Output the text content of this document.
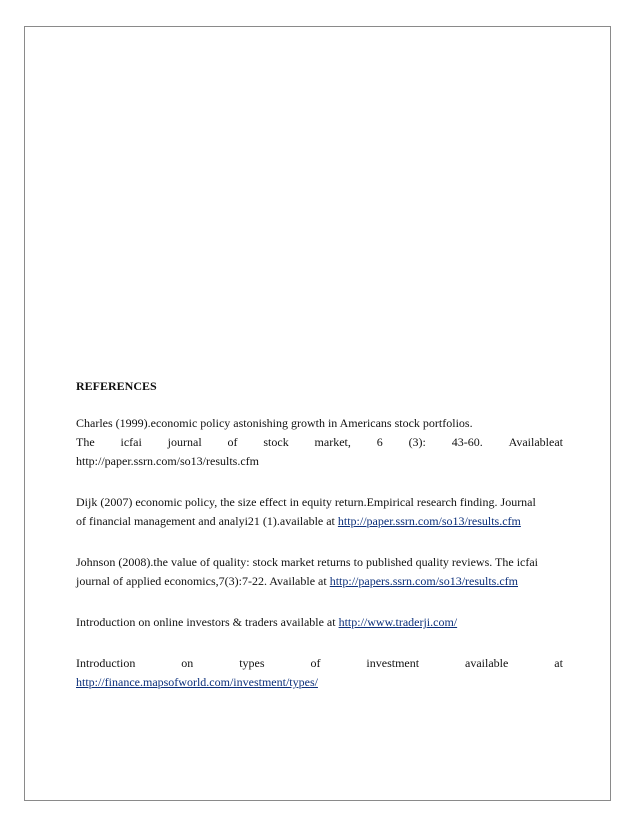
REFERENCES
Charles (1999).economic policy astonishing growth in Americans stock portfolios.
The icfai journal of stock market, 6 (3): 43-60. Availableat
http://paper.ssrn.com/so13/results.cfm
Dijk (2007) economic policy, the size effect in equity return.Empirical research finding. Journal
of financial management and analyi21 (1).available at http://paper.ssrn.com/so13/results.cfm
Johnson (2008).the value of quality: stock market returns to published quality reviews. The icfai
journal of applied economics,7(3):7-22. Available at http://papers.ssrn.com/so13/results.cfm
Introduction on online investors & traders available at http://www.traderji.com/
Introduction	on	types	of	investment	available	at
http://finance.mapsofworld.com/investment/types/
